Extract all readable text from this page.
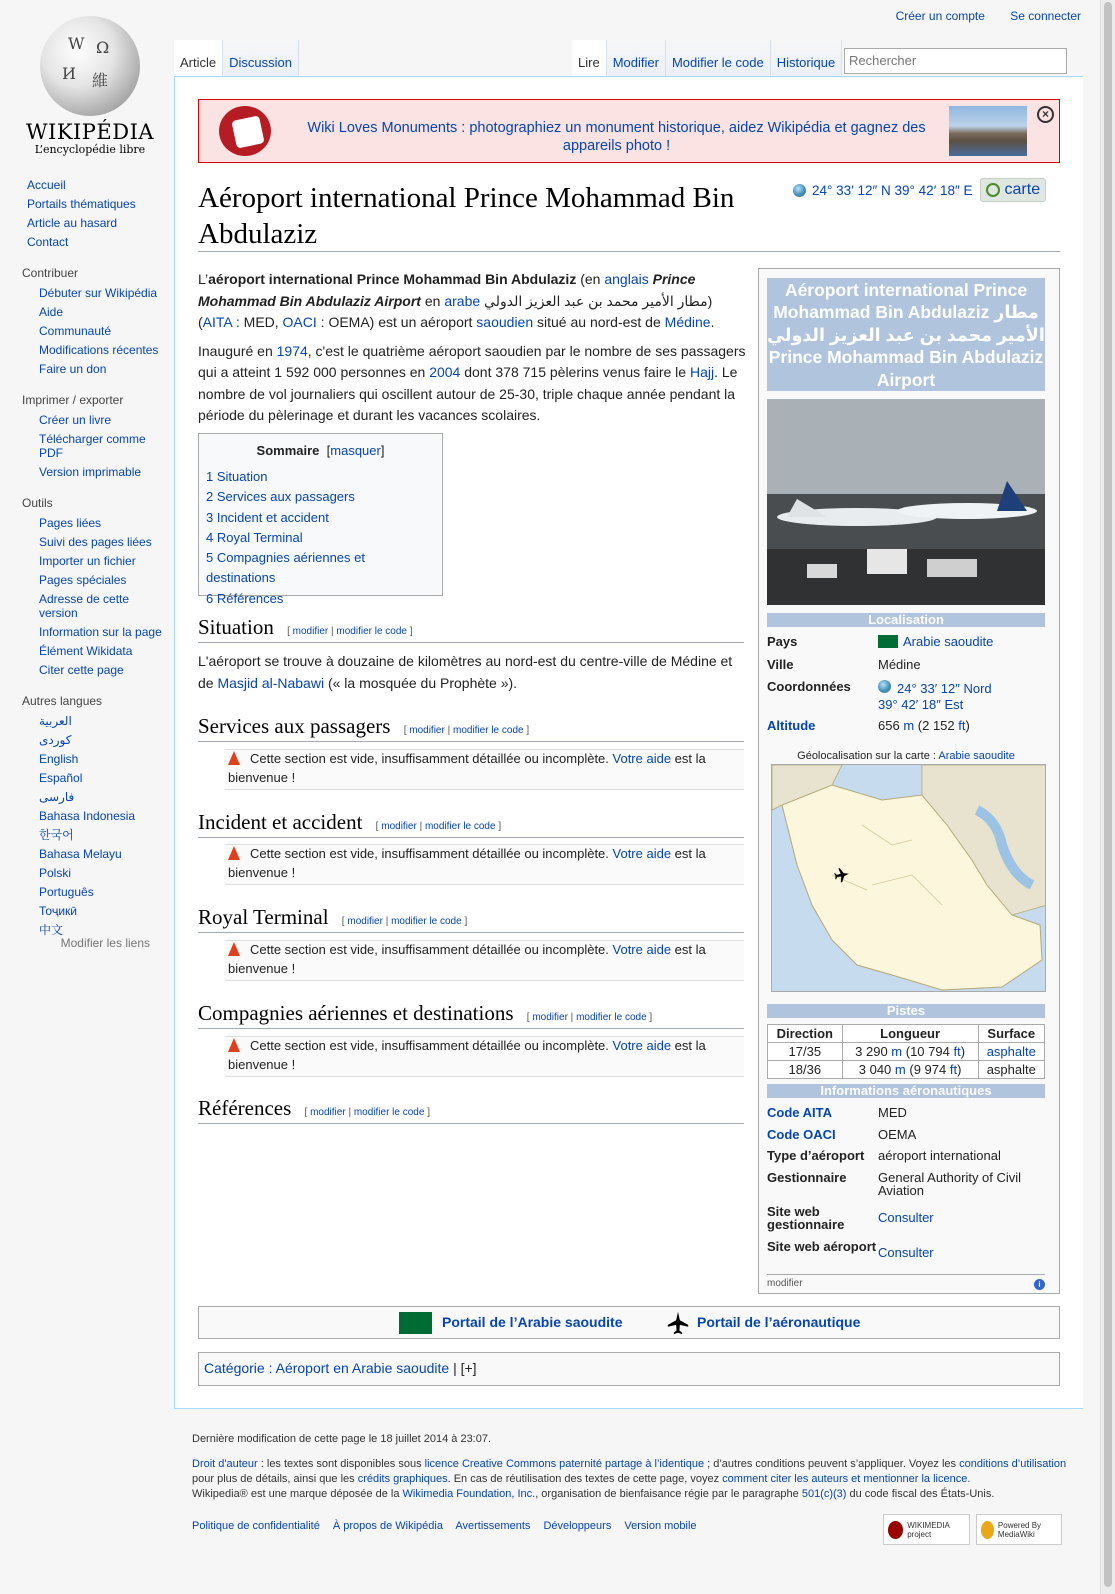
W Ω
И 維
WIKIPÉDIA
L’encyclopédie libre
Accueil
Portails thématiques
Article au hasard
Contact
Contribuer
Débuter sur Wikipédia
Aide
Communauté
Modifications récentes
Faire un don
Imprimer / exporter
Créer un livre
Télécharger comme PDF
Version imprimable
Outils
Pages liées
Suivi des pages liées
Importer un fichier
Pages spéciales
Adresse de cette version
Information sur la page
Élément Wikidata
Citer cette page
Autres langues
العربية
کوردی
English
Español
فارسی
Bahasa Indonesia
한국어
Bahasa Melayu
Polski
Português
Тоҷикӣ
中文
Modifier les liens
Créer un compte Se connecter
Article	Discussion	Lire	Modifier	Modifier le code	Historique	Rechercher
Wiki Loves Monuments : photographiez un monument historique, aidez Wikipédia et gagnez des appareils photo !
×
Aéroport international Prince Mohammad Bin Abdulaziz
24° 33′ 12″ N 39° 42′ 18″ E carte

L’aéroport international Prince Mohammad Bin Abdulaziz (en anglais Prince Mohammad Bin Abdulaziz Airport en arabe مطار الأمير محمد بن عبد العزيز الدولي) (AITA : MED, OACI : OEMA) est un aéroport saoudien situé au nord-est de Médine.

Inauguré en 1974, c'est le quatrième aéroport saoudien par le nombre de ses passagers qui a atteint 1 592 000 personnes en 2004 dont 378 715 pèlerins venus faire le Hajj. Le nombre de vol journaliers qui oscillent autour de 25-30, triple chaque année pendant la période du pèlerinage et durant les vacances scolaires.

Sommaire  [masquer]
1 Situation
2 Services aux passagers
3 Incident et accident
4 Royal Terminal
5 Compagnies aériennes et destinations
6 Références
Situation [ modifier | modifier le code ]
L'aéroport se trouve à douzaine de kilomètres au nord-est du centre-ville de Médine et de Masjid al-Nabawi (« la mosquée du Prophète »).
Services aux passagers [ modifier | modifier le code ]
Cette section est vide, insuffisamment détaillée ou incomplète. Votre aide est la bienvenue !
Incident et accident [ modifier | modifier le code ]
Cette section est vide, insuffisamment détaillée ou incomplète. Votre aide est la bienvenue !
Royal Terminal [ modifier | modifier le code ]
Cette section est vide, insuffisamment détaillée ou incomplète. Votre aide est la bienvenue !
Compagnies aériennes et destinations [ modifier | modifier le code ]
Cette section est vide, insuffisamment détaillée ou incomplète. Votre aide est la bienvenue !
Références [ modifier | modifier le code ]
Aéroport international Prince Mohammad Bin Abdulaziz مطار الأمير محمد بن عبد العزيز الدولي Prince Mohammad Bin Abdulaziz Airport
Localisation
Pays	Arabie saoudite
Ville	Médine
Coordonnées	24° 33′ 12″ Nord
39° 42′ 18″ Est
Altitude	656 m (2 152 ft)
Géolocalisation sur la carte : Arabie saoudite
Pistes
Direction	Longueur	Surface
17/35	3 290 m (10 794 ft)	asphalte
18/36	3 040 m (9 974 ft)	asphalte
Informations aéronautiques
Code AITA	MED
Code OACI	OEMA
Type d’aéroport	aéroport international
Gestionnaire	General Authority of Civil Aviation
Site web gestionnaire	Consulter
Site web aéroport Consulter
modifier	i
Portail de l’Arabie saoudite	Portail de l’aéronautique
Catégorie : Aéroport en Arabie saoudite | [+]

Dernière modification de cette page le 18 juillet 2014 à 23:07.

Droit d'auteur : les textes sont disponibles sous licence Creative Commons paternité partage à l’identique ; d’autres conditions peuvent s’appliquer. Voyez les conditions d’utilisation pour plus de détails, ainsi que les crédits graphiques. En cas de réutilisation des textes de cette page, voyez comment citer les auteurs et mentionner la licence.
Wikipedia® est une marque déposée de la Wikimedia Foundation, Inc., organisation de bienfaisance régie par le paragraphe 501(c)(3) du code fiscal des États-Unis.

Politique de confidentialité À propos de Wikipédia Avertissements Développeurs Version mobile	WIKIMEDIA project
Powered By MediaWiki
